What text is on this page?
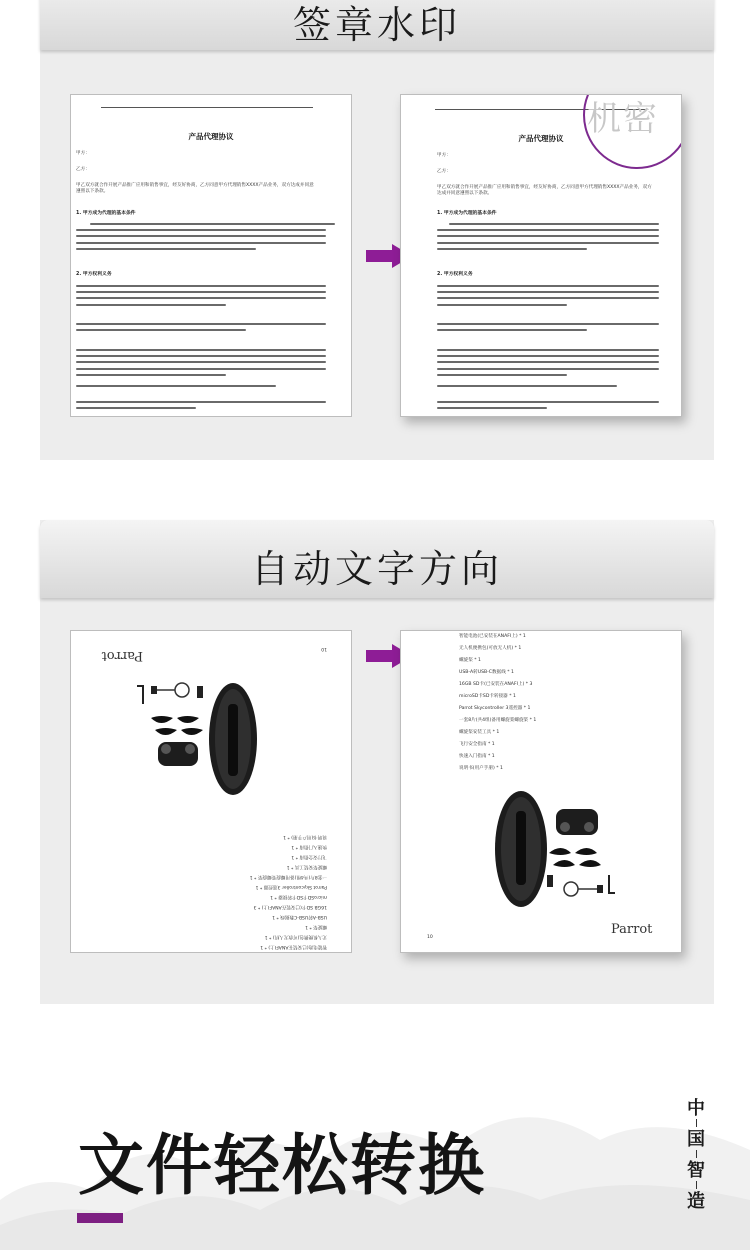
签章水印
产品代理协议
甲方：
乙方：
甲乙双方就合作开展产品推广应用和销售事宜，经友好协商，乙方同意甲方代理销售XXXX产品业务，双方达成并同意遵照以下条款。
1. 甲方成为代理的基本条件
2. 甲方权利义务
产品代理协议
甲方：
乙方：
甲乙双方就合作开展产品推广应用和销售事宜，经友好协商，乙方同意甲方代理销售XXXX产品业务，双方达成并同意遵照以下条款。
1. 甲方成为代理的基本条件
2. 甲方权利义务
机密
自动文字方向
智能电池(已安装在ANAFI上) * 1
无人机便携包(可放无人机) * 1
螺旋桨 * 1
USB-A转USB-C数据线 * 1
16GB SD卡(已安装在ANAFI上) * 3
microSD卡SD卡转接器 * 1
Parrot Skycontroller 3遥控器 * 1
一套8片(共4组)备用螺旋桨螺旋桨 * 1
螺旋桨安装工具 * 1
飞行安全指南 * 1
快速入门指南 * 1
说明书(用户手册) * 1
10
Parrot
智能电池(已安装在ANAFI上) * 1
无人机便携包(可放无人机) * 1
螺旋桨 * 1
USB-A转USB-C数据线 * 1
16GB SD卡(已安装在ANAFI上) * 3
microSD卡SD卡转接器 * 1
Parrot Skycontroller 3遥控器 * 1
一套8片(共4组)备用螺旋桨螺旋桨 * 1
螺旋桨安装工具 * 1
飞行安全指南 * 1
快速入门指南 * 1
说明书(用户手册) * 1
10
Parrot
文件轻松转换
中
国
智
造
